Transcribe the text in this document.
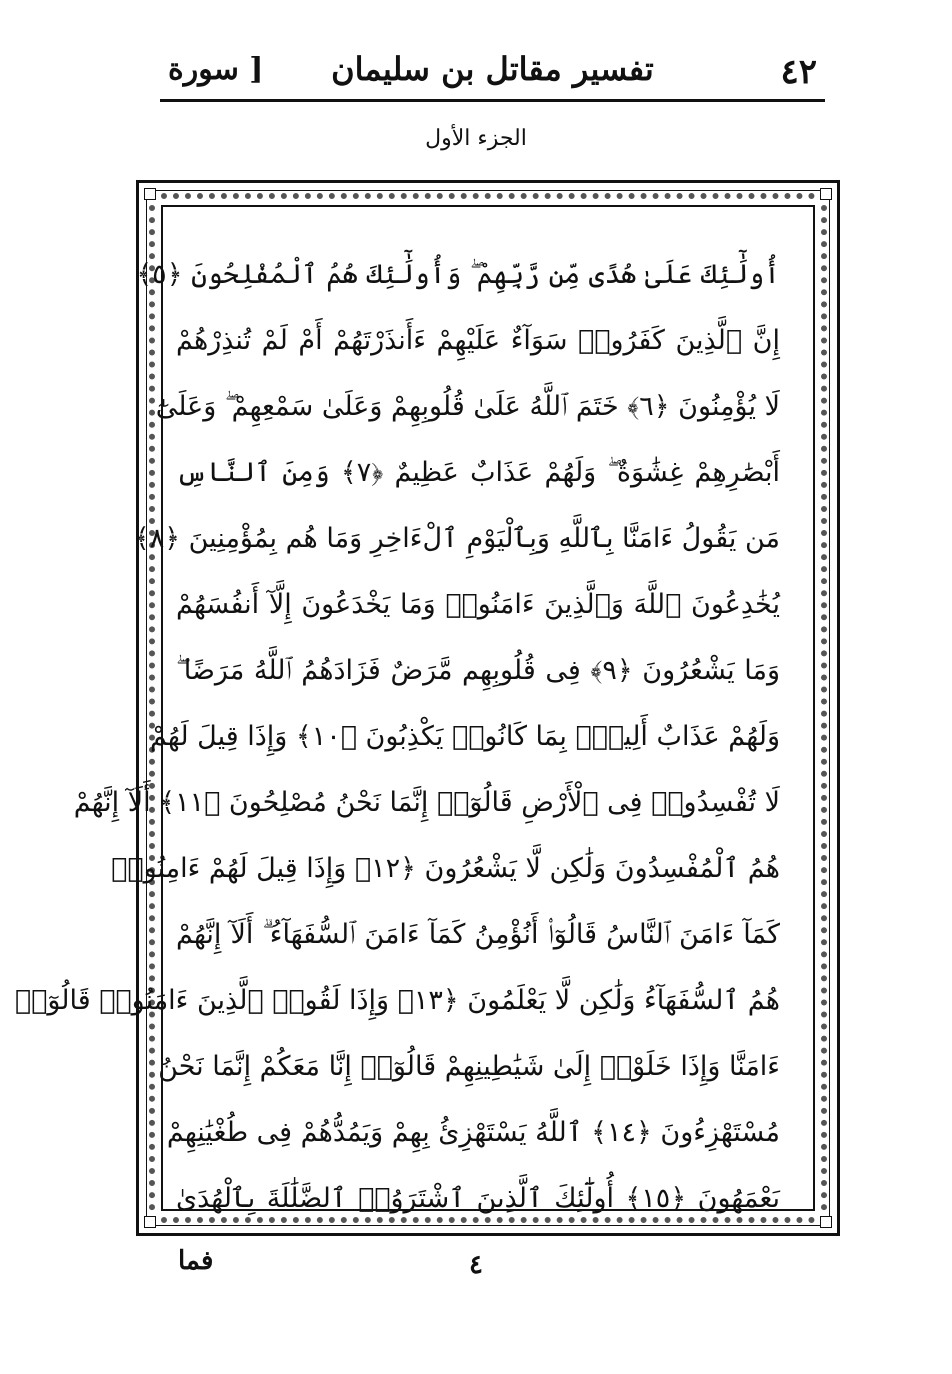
٤٢
تفسير مقاتل بن سليمان
[ سورة
الجزء الأول
أُولَٰٓئِكَ عَلَىٰ هُدًى مِّن رَّبِّهِمْ ۖ وَأُولَٰٓئِكَ هُمُ ٱلْمُفْلِحُونَ ﴿٥﴾
إِنَّ ٱلَّذِينَ كَفَرُوا۟ سَوَآءٌ عَلَيْهِمْ ءَأَنذَرْتَهُمْ أَمْ لَمْ تُنذِرْهُمْ
لَا يُؤْمِنُونَ ﴿٦﴾ خَتَمَ ٱللَّهُ عَلَىٰ قُلُوبِهِمْ وَعَلَىٰ سَمْعِهِمْ ۖ وَعَلَىٰٓ
أَبْصَٰرِهِمْ غِشَٰوَةٌ ۖ وَلَهُمْ عَذَابٌ عَظِيمٌ ﴿٧﴾ وَمِنَ ٱلنَّاسِ
مَن يَقُولُ ءَامَنَّا بِٱللَّهِ وَبِٱلْيَوْمِ ٱلْءَاخِرِ وَمَا هُم بِمُؤْمِنِينَ ﴿٨﴾
يُخَٰدِعُونَ ٱللَّهَ وَٱلَّذِينَ ءَامَنُوا۟ وَمَا يَخْدَعُونَ إِلَّآ أَنفُسَهُمْ
وَمَا يَشْعُرُونَ ﴿٩﴾ فِى قُلُوبِهِم مَّرَضٌ فَزَادَهُمُ ٱللَّهُ مَرَضًا ۖ
وَلَهُمْ عَذَابٌ أَلِيمٌۢ بِمَا كَانُوا۟ يَكْذِبُونَ ﴿١٠﴾ وَإِذَا قِيلَ لَهُمْ
لَا تُفْسِدُوا۟ فِى ٱلْأَرْضِ قَالُوٓا۟ إِنَّمَا نَحْنُ مُصْلِحُونَ ﴿١١﴾ أَلَآ إِنَّهُمْ
هُمُ ٱلْمُفْسِدُونَ وَلَٰكِن لَّا يَشْعُرُونَ ﴿١٢﴾ وَإِذَا قِيلَ لَهُمْ ءَامِنُوا۟
كَمَآ ءَامَنَ ٱلنَّاسُ قَالُوٓا۟ أَنُؤْمِنُ كَمَآ ءَامَنَ ٱلسُّفَهَآءُ ۗ أَلَآ إِنَّهُمْ
هُمُ ٱلسُّفَهَآءُ وَلَٰكِن لَّا يَعْلَمُونَ ﴿١٣﴾ وَإِذَا لَقُوا۟ ٱلَّذِينَ ءَامَنُوا۟ قَالُوٓا۟
ءَامَنَّا وَإِذَا خَلَوْا۟ إِلَىٰ شَيَٰطِينِهِمْ قَالُوٓا۟ إِنَّا مَعَكُمْ إِنَّمَا نَحْنُ
مُسْتَهْزِءُونَ ﴿١٤﴾ ٱللَّهُ يَسْتَهْزِئُ بِهِمْ وَيَمُدُّهُمْ فِى طُغْيَٰنِهِمْ
يَعْمَهُونَ ﴿١٥﴾ أُولَٰٓئِكَ ٱلَّذِينَ ٱشْتَرَوُا۟ ٱلضَّلَٰلَةَ بِٱلْهُدَىٰ
٤
فما
